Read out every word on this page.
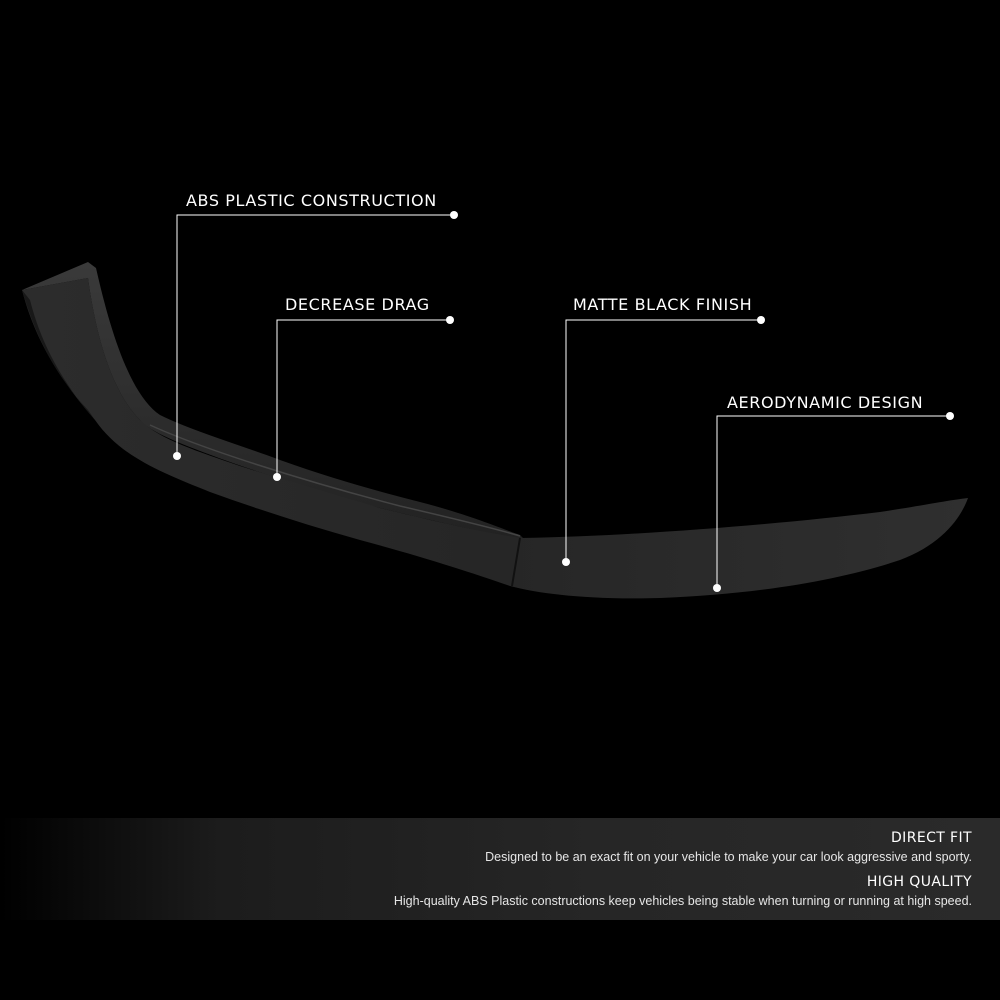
ABS PLASTIC CONSTRUCTION
DECREASE DRAG	MATTE BLACK FINISH
AERODYNAMIC DESIGN
DIRECT FIT
Designed to be an exact fit on your vehicle to make your car look aggressive and sporty.
HIGH QUALITY
High-quality ABS Plastic constructions keep vehicles being stable when turning or running at high speed.
